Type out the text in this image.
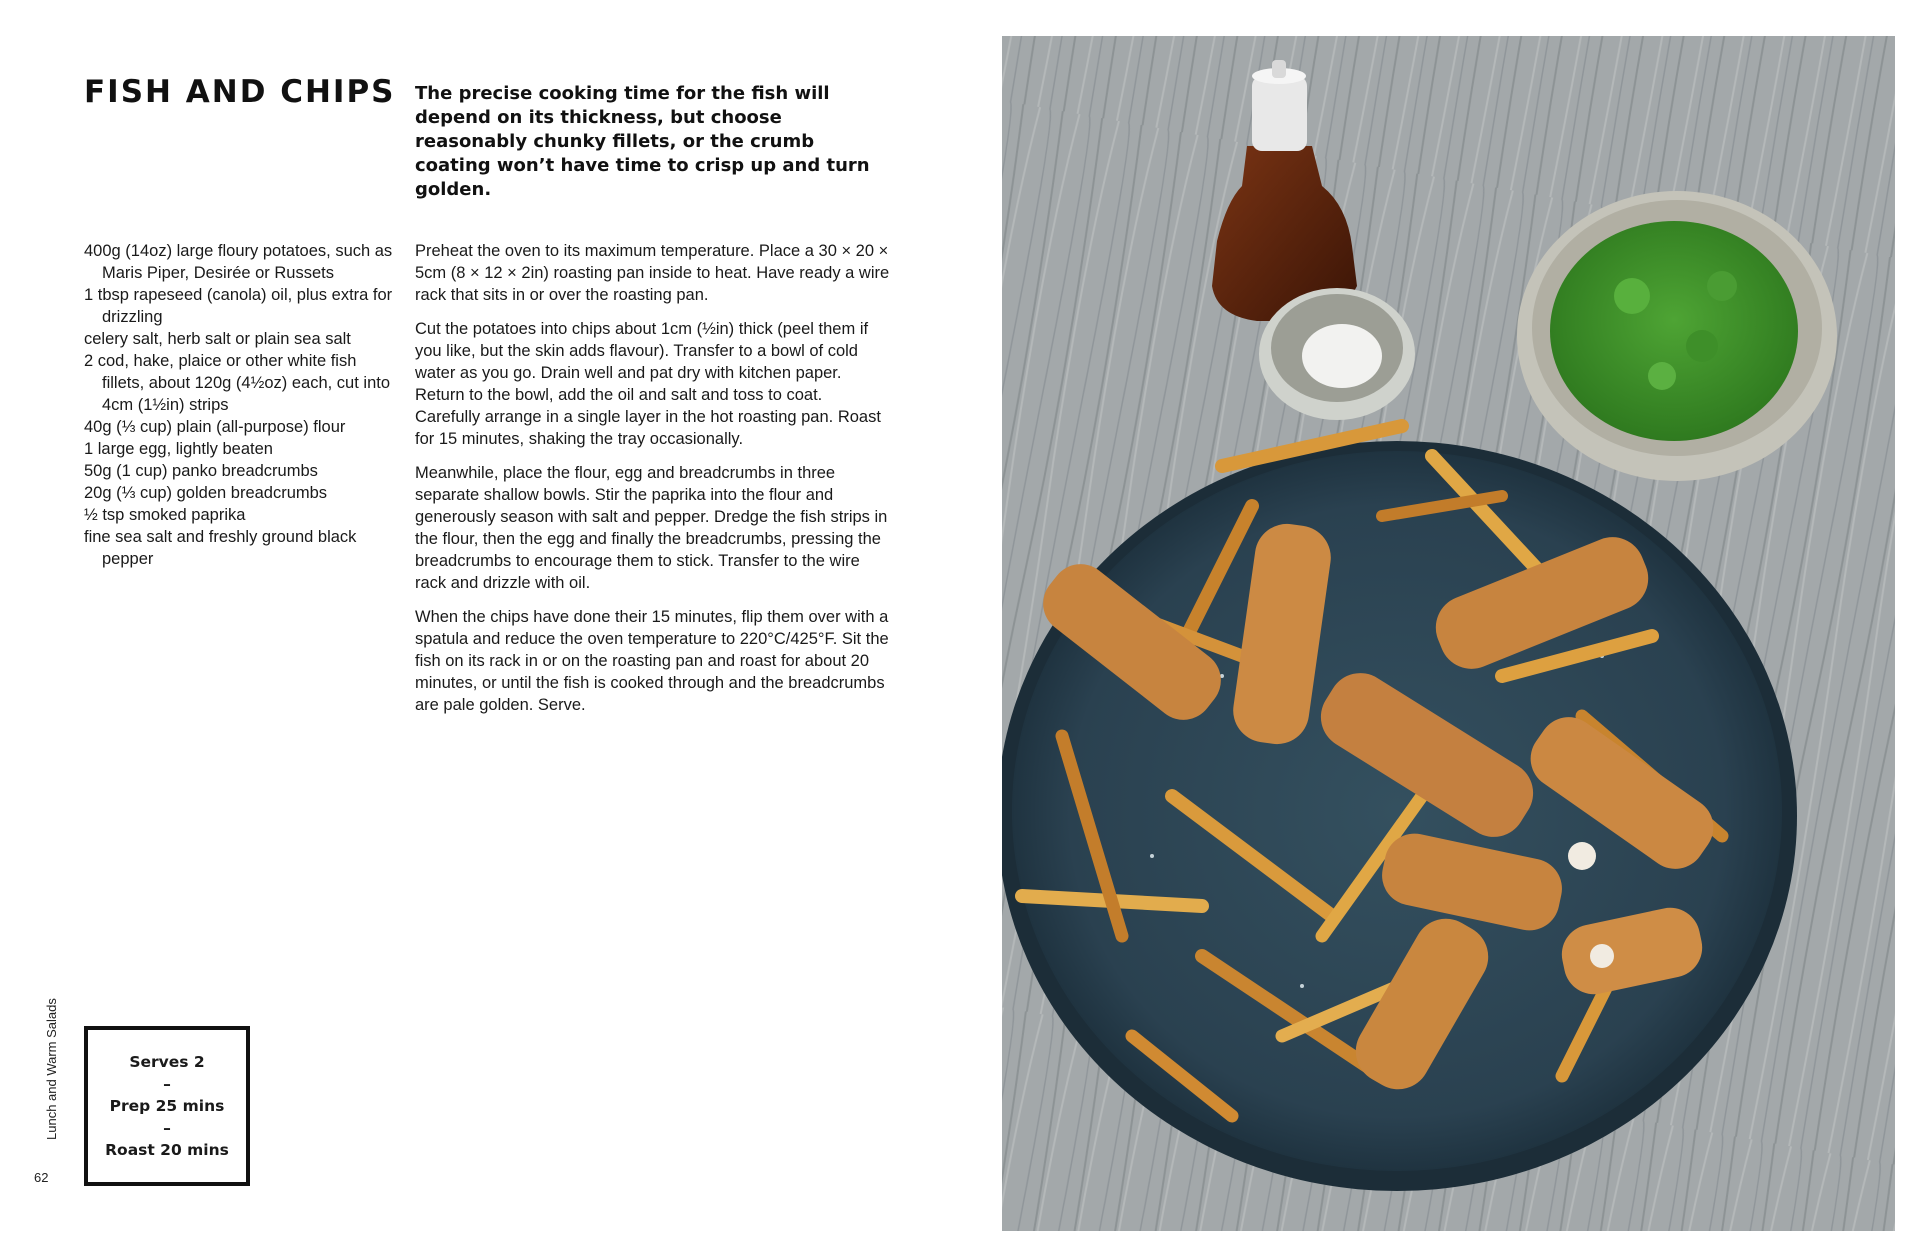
FISH AND CHIPS The precise cooking time for the fish will depend on its thickness, but choose reasonably chunky fillets, or the crumb coating won’t have time to crisp up and turn golden.
400g (14oz) large floury potatoes, such as Maris Piper, Desirée or Russets
1 tbsp rapeseed (canola) oil, plus extra for drizzling
celery salt, herb salt or plain sea salt
2 cod, hake, plaice or other white fish fillets, about 120g (4½oz) each, cut into 4cm (1½in) strips
40g (⅓ cup) plain (all-purpose) flour
1 large egg, lightly beaten
50g (1 cup) panko breadcrumbs
20g (⅓ cup) golden breadcrumbs
½ tsp smoked paprika
fine sea salt and freshly ground black pepper

Preheat the oven to its maximum temperature. Place a 30 × 20 × 5cm (8 × 12 × 2in) roasting pan inside to heat. Have ready a wire rack that sits in or over the roasting pan.

Cut the potatoes into chips about 1cm (½in) thick (peel them if you like, but the skin adds flavour). Transfer to a bowl of cold water as you go. Drain well and pat dry with kitchen paper. Return to the bowl, add the oil and salt and toss to coat. Carefully arrange in a single layer in the hot roasting pan. Roast for 15 minutes, shaking the tray occasionally.

Meanwhile, place the flour, egg and breadcrumbs in three separate shallow bowls. Stir the paprika into the flour and generously season with salt and pepper. Dredge the fish strips in the flour, then the egg and finally the breadcrumbs, pressing the breadcrumbs to encourage them to stick. Transfer to the wire rack and drizzle with oil.

When the chips have done their 15 minutes, flip them over with a spatula and reduce the oven temperature to 220°C/425°F. Sit the fish on its rack in or on the roasting pan and roast for about 20 minutes, or until the fish is cooked through and the breadcrumbs are pale golden. Serve.

Lunch and Warm Salads
62
Serves 2
–
Prep 25 mins
–
Roast 20 mins
